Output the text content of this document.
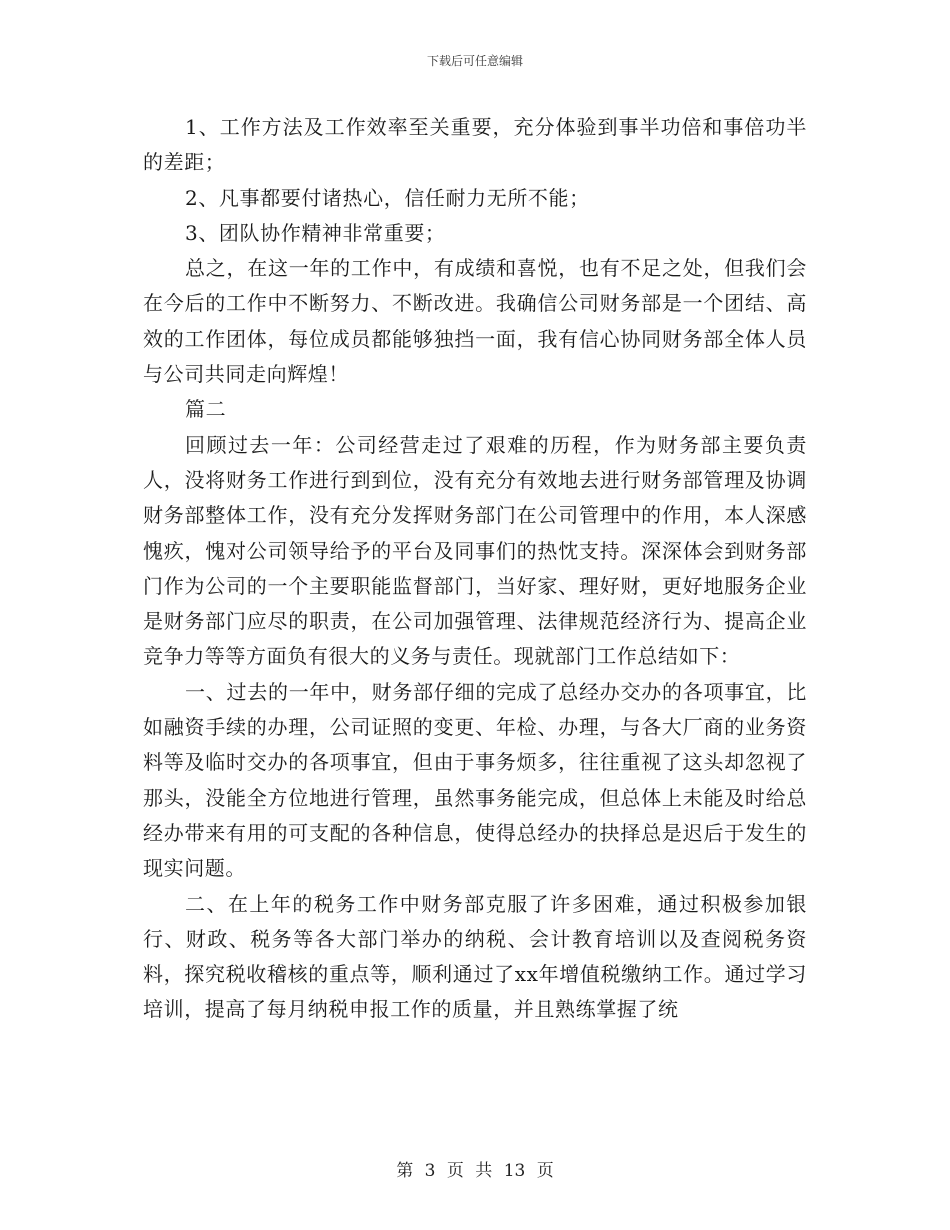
下载后可任意编辑

1、工作方法及工作效率至关重要，充分体验到事半功倍和事倍功半的差距；

2、凡事都要付诸热心，信任耐力无所不能；

3、团队协作精神非常重要；

总之，在这一年的工作中，有成绩和喜悦，也有不足之处，但我们会在今后的工作中不断努力、不断改进。我确信公司财务部是一个团结、高效的工作团体，每位成员都能够独挡一面，我有信心协同财务部全体人员与公司共同走向辉煌！

篇二

回顾过去一年：公司经营走过了艰难的历程，作为财务部主要负责人，没将财务工作进行到到位，没有充分有效地去进行财务部管理及协调财务部整体工作，没有充分发挥财务部门在公司管理中的作用，本人深感愧疚，愧对公司领导给予的平台及同事们的热忱支持。深深体会到财务部门作为公司的一个主要职能监督部门，当好家、理好财，更好地服务企业是财务部门应尽的职责，在公司加强管理、法律规范经济行为、提高企业竞争力等等方面负有很大的义务与责任。现就部门工作总结如下：

一、过去的一年中，财务部仔细的完成了总经办交办的各项事宜，比如融资手续的办理，公司证照的变更、年检、办理，与各大厂商的业务资料等及临时交办的各项事宜，但由于事务烦多，往往重视了这头却忽视了那头，没能全方位地进行管理，虽然事务能完成，但总体上未能及时给总经办带来有用的可支配的各种信息，使得总经办的抉择总是迟后于发生的现实问题。

二、在上年的税务工作中财务部克服了许多困难，通过积极参加银行、财政、税务等各大部门举办的纳税、会计教育培训以及查阅税务资料，探究税收稽核的重点等，顺利通过了xx年增值税缴纳工作。通过学习培训，提高了每月纳税申报工作的质量，并且熟练掌握了统

第 3 页 共 13 页
